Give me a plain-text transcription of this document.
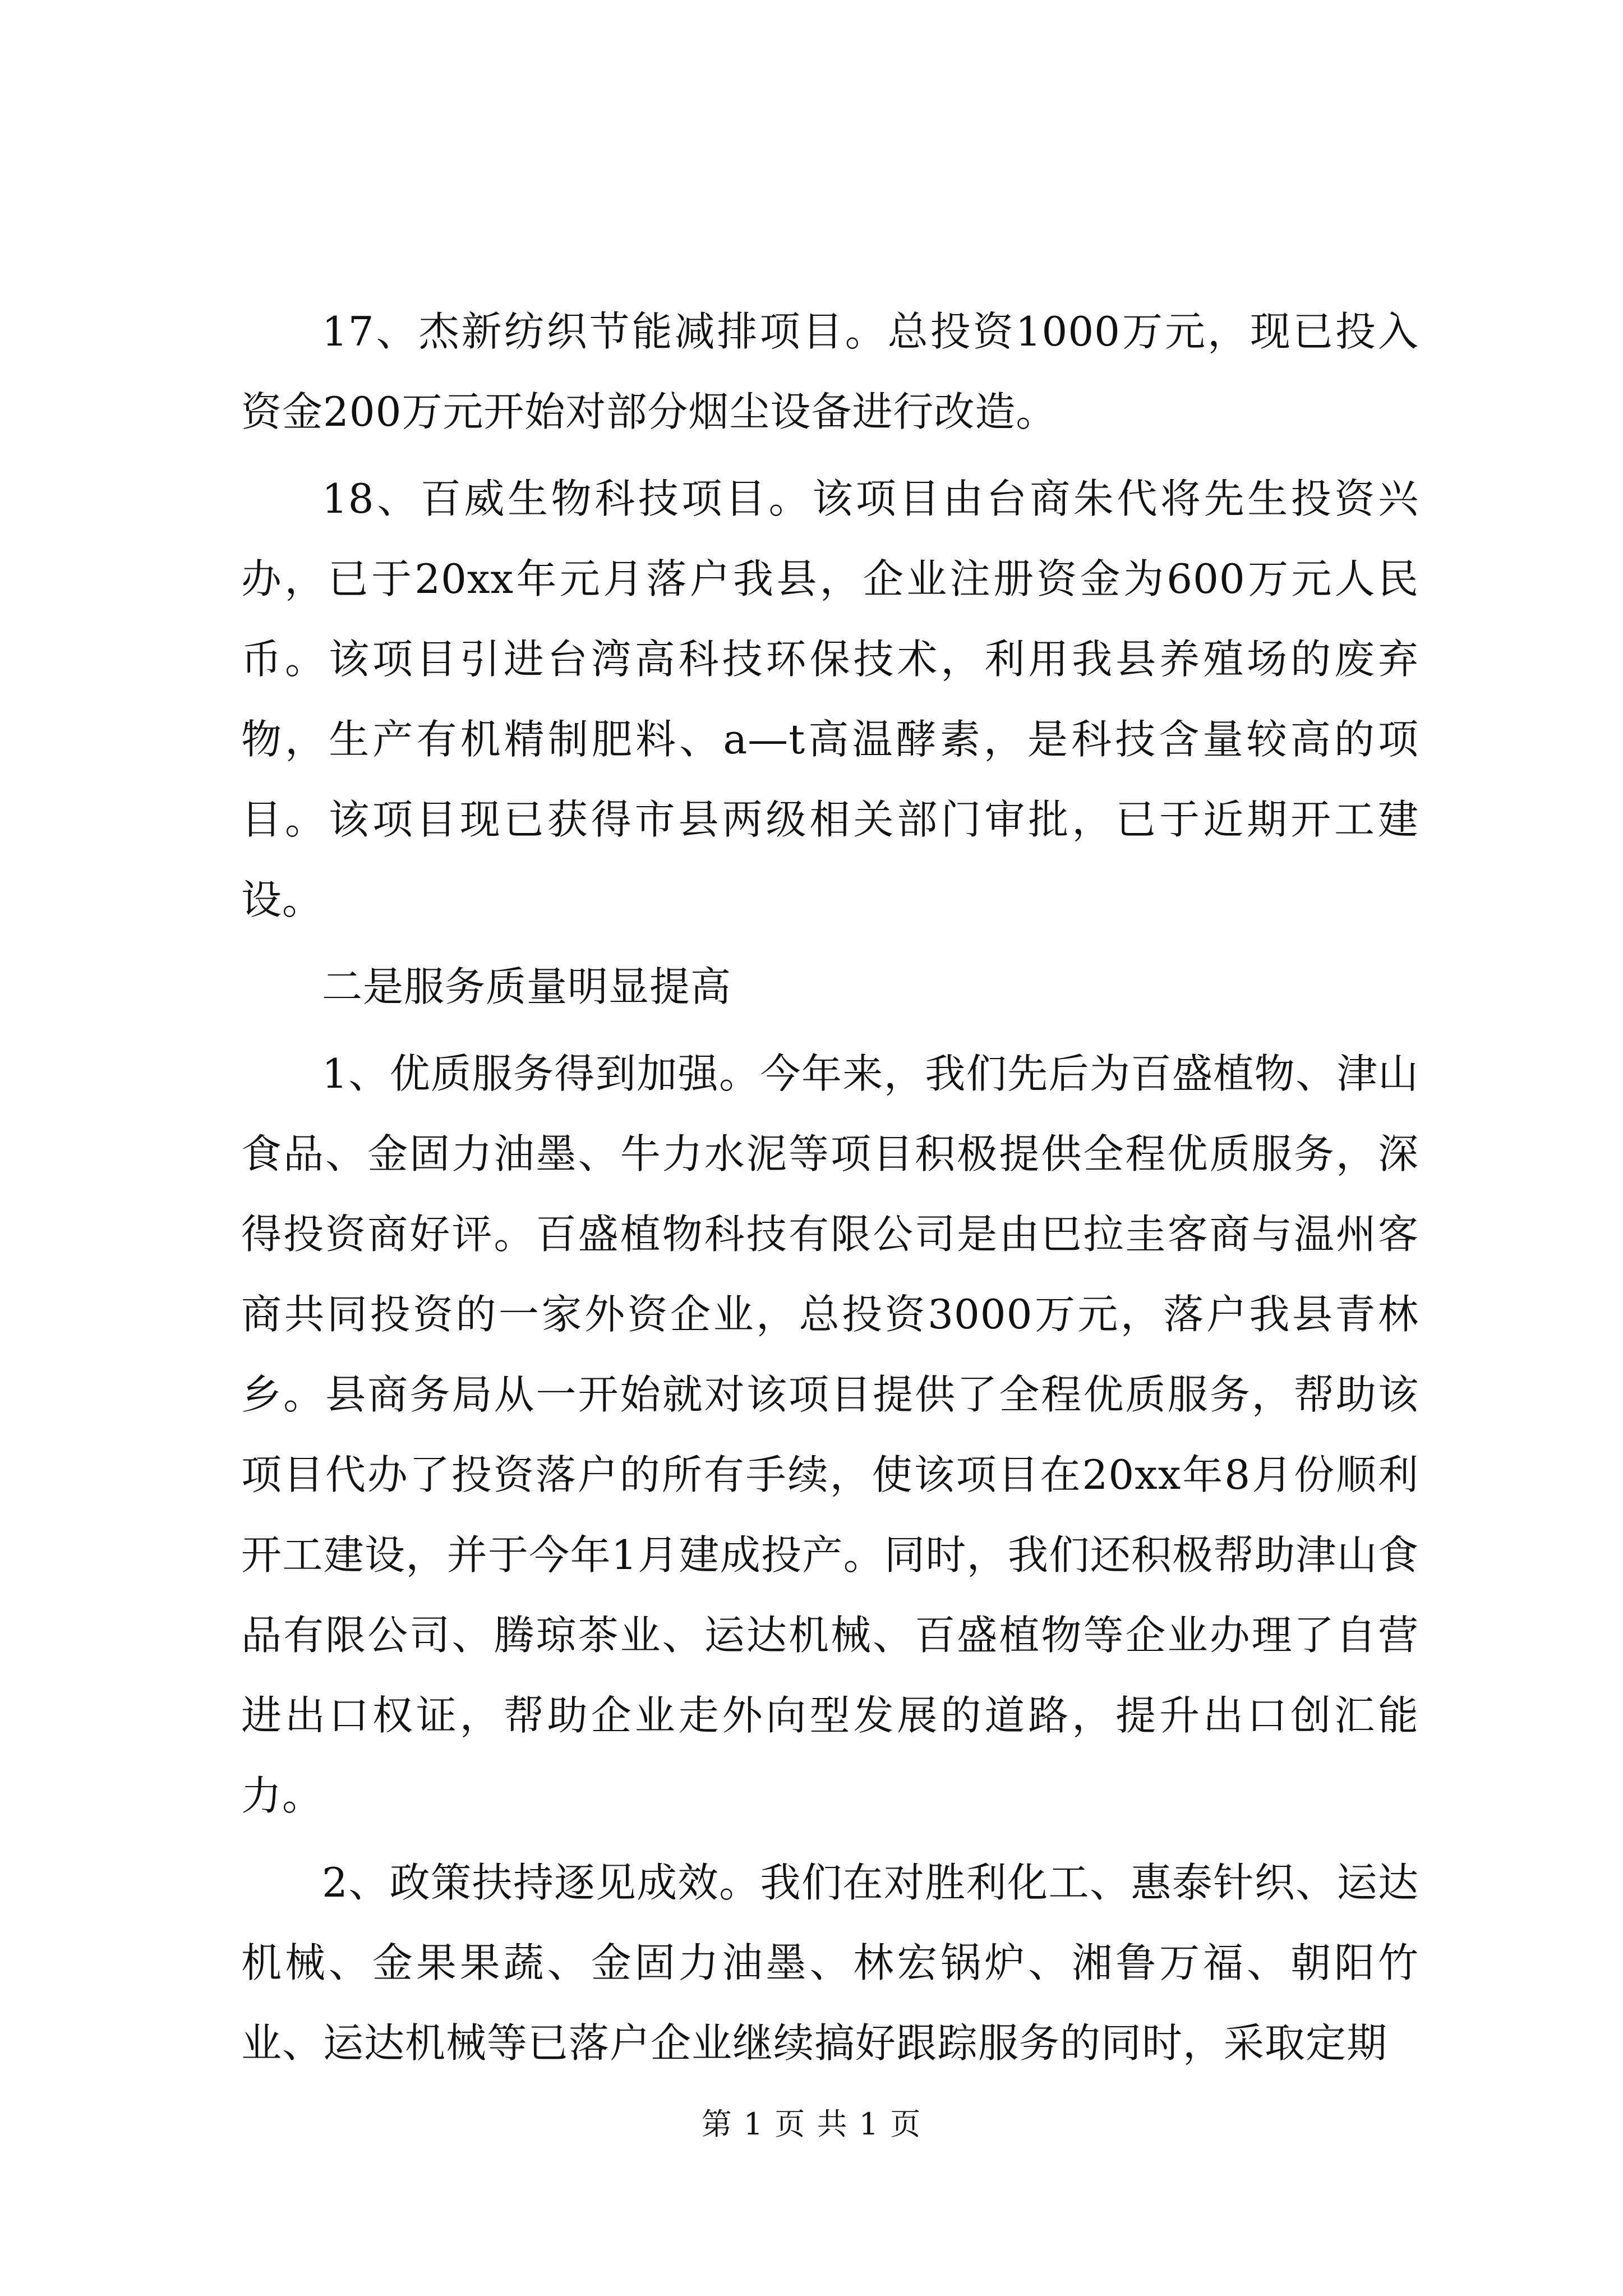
17、杰新纺织节能减排项目。总投资1000万元，现已投入资金200万元开始对部分烟尘设备进行改造。

18、百威生物科技项目。该项目由台商朱代将先生投资兴办，已于20xx年元月落户我县，企业注册资金为600万元人民币。该项目引进台湾高科技环保技术，利用我县养殖场的废弃物，生产有机精制肥料、a—t高温酵素，是科技含量较高的项目。该项目现已获得市县两级相关部门审批，已于近期开工建设。

二是服务质量明显提高

1、优质服务得到加强。今年来，我们先后为百盛植物、津山食品、金固力油墨、牛力水泥等项目积极提供全程优质服务，深得投资商好评。百盛植物科技有限公司是由巴拉圭客商与温州客商共同投资的一家外资企业，总投资3000万元，落户我县青林乡。县商务局从一开始就对该项目提供了全程优质服务，帮助该项目代办了投资落户的所有手续，使该项目在20xx年8月份顺利开工建设，并于今年1月建成投产。同时，我们还积极帮助津山食品有限公司、腾琼茶业、运达机械、百盛植物等企业办理了自营进出口权证，帮助企业走外向型发展的道路，提升出口创汇能力。

2、政策扶持逐见成效。我们在对胜利化工、惠泰针织、运达机械、金果果蔬、金固力油墨、林宏锅炉、湘鲁万福、朝阳竹业、运达机械等已落户企业继续搞好跟踪服务的同时，采取定期

第 1 页 共 1 页
